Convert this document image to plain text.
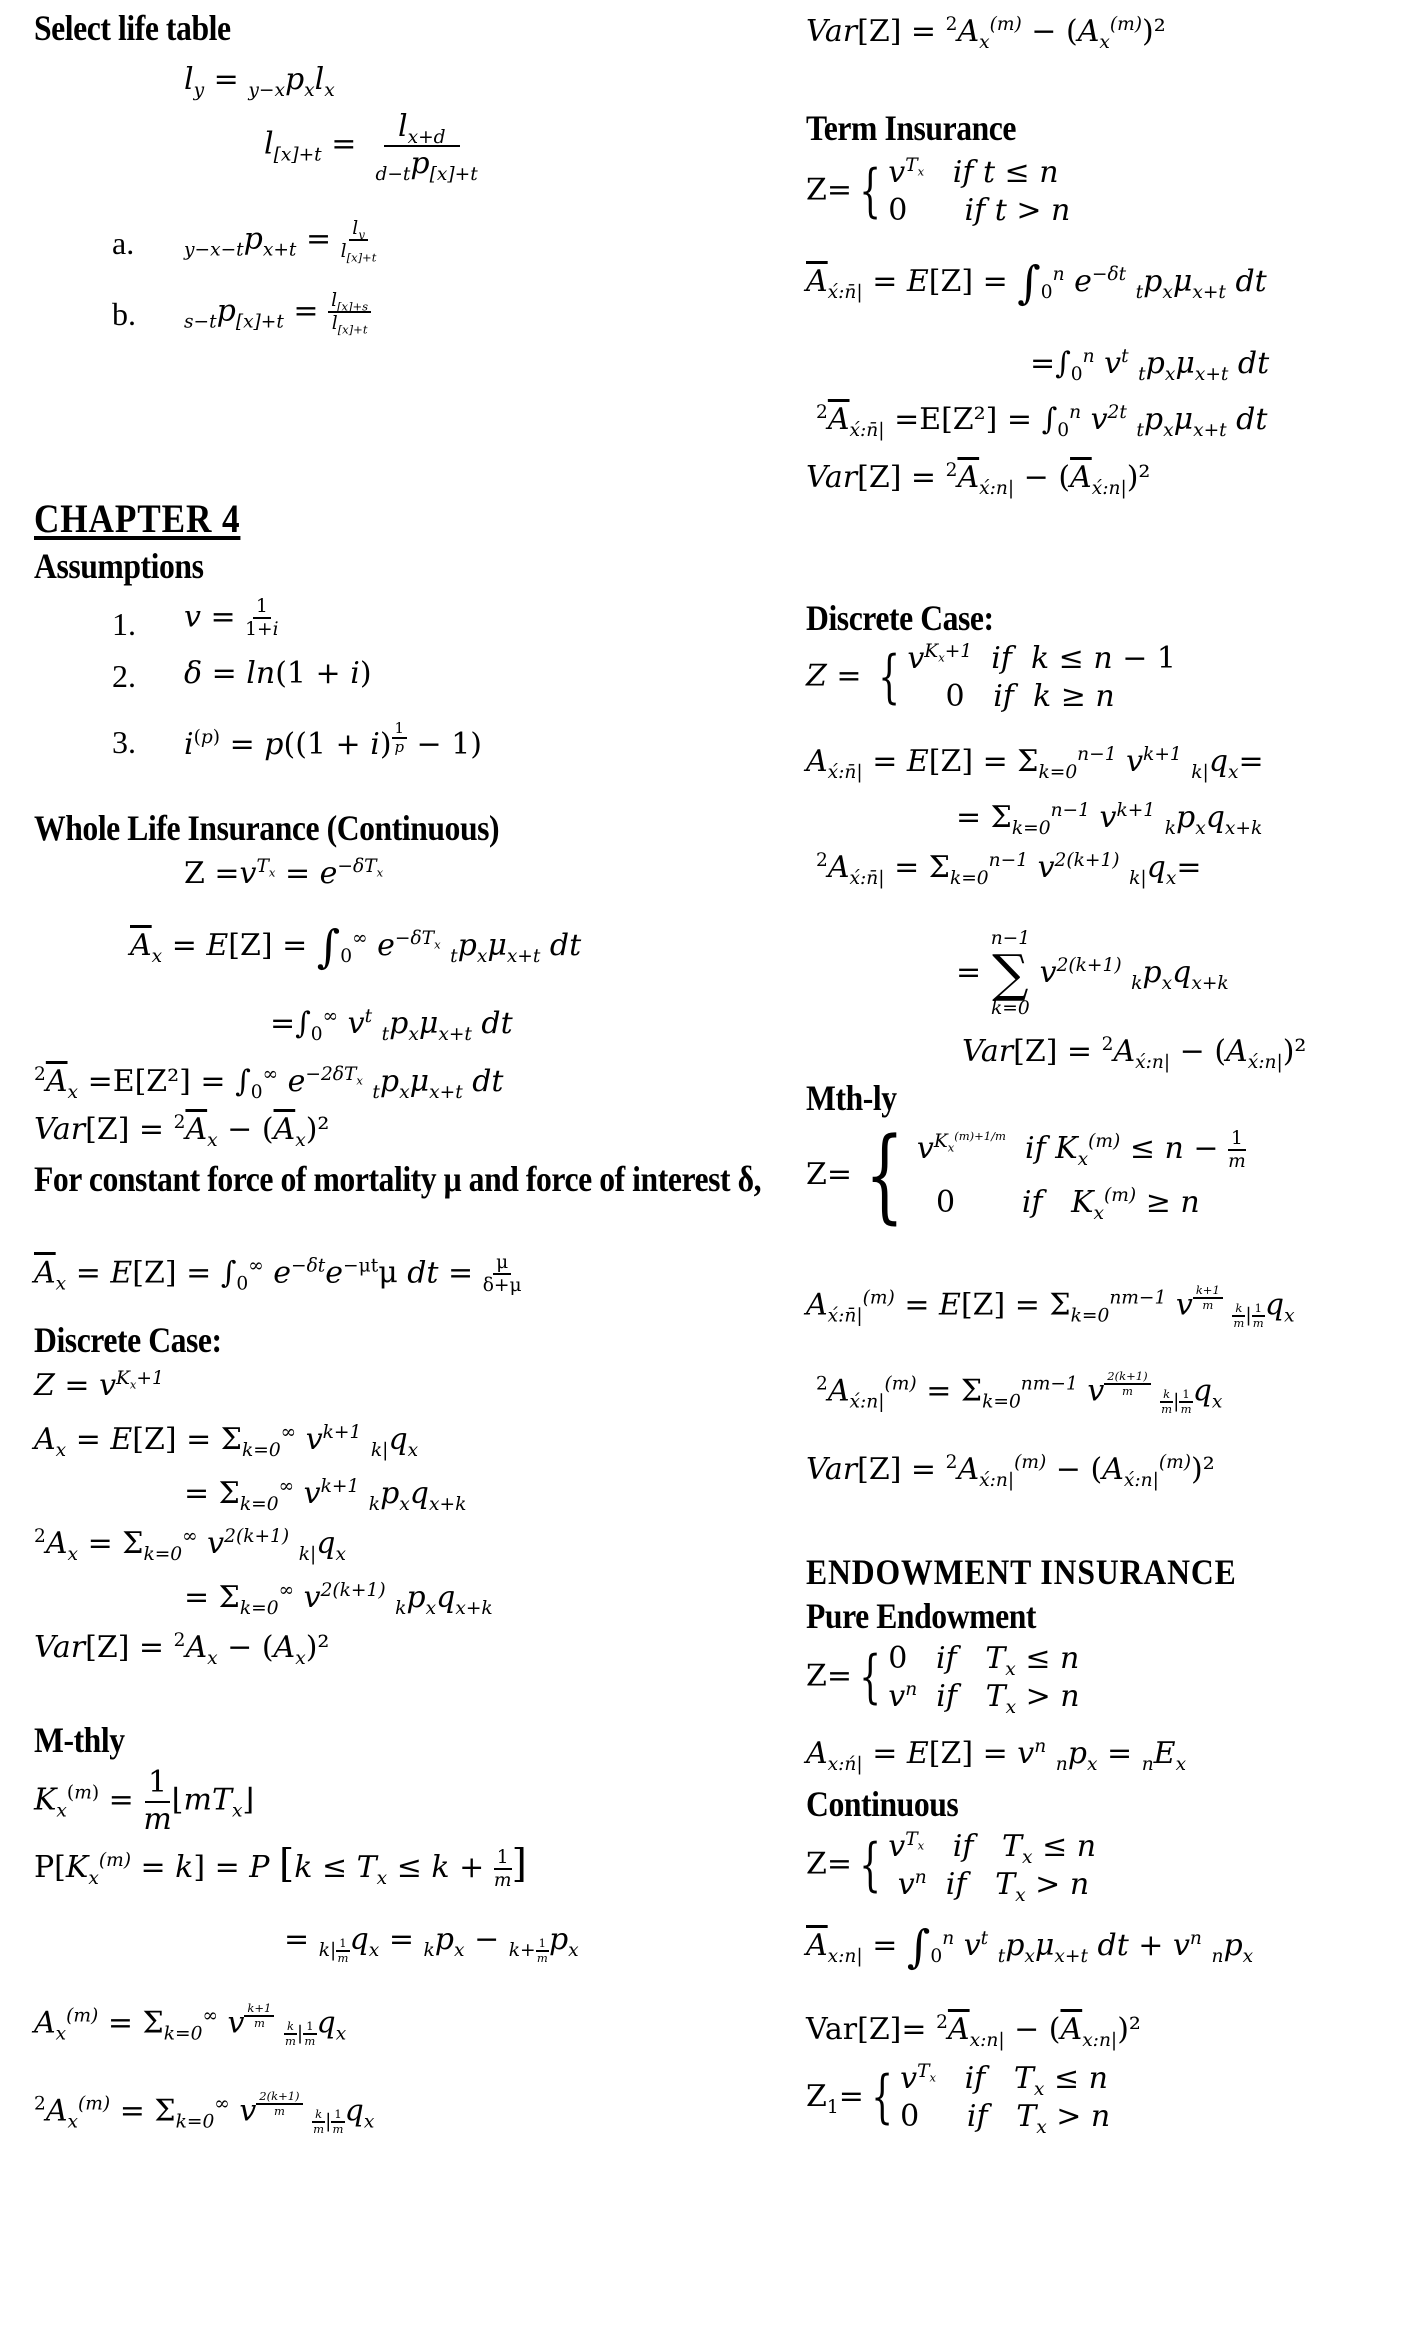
Select life table
$l_y = _{y-x}p_xl_x$
$l_{[x]+t} = \frac{l_{x+d}}{_{d-t}p_{[x]+t}}$
a.	$_{y-x-t}p_{x+t} = \frac{l_y}{l_{[x]+t}}$
b.	$_{s-t}p_{[x]+t} = \frac{l_{[x]+s}}{l_{[x]+t}}$
CHAPTER 4
Assumptions
1. $v = \frac{1}{1+i}$
2. δ = ln(1 + i)
3. $i^{(p)} = p((1 + i) ^{\frac{1}{p}} - 1)$
Whole Life Insurance (Continuous)
$Z =v^{T_x} = e^{-\delta T_x}$
$\overline{A}_x = E[Z] = \int_0^\infty$ $e^{-\delta T_x}$ $_tp_x\mu_{x+t}$ dt
$=\int_0^\infty$ $v^t$ $_tp_x\mu_{x+t}$ dt
$^2\overline{A}_x =E[Z^2] = \int_0^\infty$ $e^{-2\delta T_x}$ $_tp_x\mu_{x+t}$ dt
$Var[Z] = ^2\overline{A}_x - (\overline{A}_x)^2$
For constant force of mortality μ and force of interest δ,
$\overline{A}_x = E[Z] = \int_0^\infty$ $e^{-\delta t}e^{-\mu t}\mu$ dt = $\frac{\mu}{\delta+\mu}$
Discrete Case:
$Z = v^{K_x+1}$
$A_x = E[Z] = \Sigma_{k=0}^\infty$ $v^{k+1}$ $_{k|}q_x$
= $\Sigma_{k=0}^\infty$ $v^{k+1}$ $_kp_xq_{x+k}$
$^2A_x = \Sigma_{k=0}^\infty$ $v^{2(k+1)}$ $_{k|}q_x$
= $\Sigma_{k=0}^\infty$ $v^{2(k+1)}$ $_kp_xq_{x+k}$
$Var[Z] = ^2A_x - (A_x)^2$
M-thly
$K_x^{(m)} = \frac{1}{m}$ $⌊mT_x⌋$
$P[K_x^{(m)} = k] = P$ [$k \le T_x \le k + \frac{1}{m}$ ]
= $_{k| \frac{1}{m}}$ $q_x = _kp_x - _{k+ \frac{1}{m}}$ $p_x$
$A_x^{(m)} = \Sigma_{k=0}^\infty$ v $^{\frac{k+1}{m}}$

$_{\frac{k}{m} | \frac{1}{m}}$ $q_x$
$^2A_x^{(m)} = \Sigma_{k=0}^\infty$ v $^{\frac{2(k+1)}{m}}$

$_{\frac{k}{m} | \frac{1}{m}}$ $q_x$
$Var[Z] = ^2A_x^{(m)} - (A_x^{(m)})^2$
Term Insurance
Z= { $v^{T_x}$   if t ≤ n
0      if t > n
$\overline{A}_{x́:n̄|} = E[Z] = \int_0^n$ $e^{-\delta t}$ $_tp_x\mu_{x+t}$ dt
$=\int_0^n$ $v^t$ $_tp_x\mu_{x+t}$ dt
$^2\overline{A}_{x́:n̄|} =E[Z^2] = \int_0^n$ $v^{2t}$ $_tp_x\mu_{x+t}$ dt
$Var[Z] = ^2\overline{A}_{x́:n|} - (\overline{A}_{x́:n|})^2$
Discrete Case:
Z = { $v^{K_x+1}$  if  k ≤ n − 1
0   if  k ≥ n
$A_{x́:n̄|} = E[Z] = \Sigma_{k=0}^{n-1}$ $v^{k+1}$ $_{k|}q_x=$
= $\Sigma_{k=0}^{n-1}$ $v^{k+1}$ $_kp_xq_{x+k}$
$^2A_{x́:n̄|} = \Sigma_{k=0}^{n-1}$ $v^{2(k+1)}$ $_{k|}q_x=$
=
n−1
∑
k=0
$v^{2(k+1)}$ $_kp_xq_{x+k}$
$Var[Z] = ^2A_{x́:n|} - (A_{x́:n|})^2$
Mth-ly
Z= { $v^{K_x^{(m)+1/m}}$  if $K_x^{(m)} \le n - \frac{1}{m}$
0       if   $K_x^{(m)} \ge n$
$A_{x́:n̄|}^{(m)} = E[Z] = \Sigma_{k=0}^{nm-1}$ v $^{\frac{k+1}{m}}$

$_{\frac{k}{m} | \frac{1}{m}}$ $q_x$
$^2A_{x́:n|}^{(m)} = \Sigma_{k=0}^{nm-1}$ v $^{\frac{2(k+1)}{m}}$

$_{\frac{k}{m} | \frac{1}{m}}$ $q_x$
$Var[Z] = ^2A_{x́:n|}^{(m)} - (A_{x́:n|}^{(m)})^2$
ENDOWMENT INSURANCE
Pure Endowment
Z= { 0   if   $T_x \le n$
$v^n$  if   $T_x > n$
$A_{x:ń|} = E[Z] = v^n$ $_np_x = _nE_x$
Continuous
Z= { $v^{T_x}$   if   $T_x \le n$
$v^n$  if   $T_x > n$
$\overline{A}_{x:n|} = \int_0^n$ $v^t$ $_tp_x\mu_{x+t}$ dt + $v^n$ $_np_x$
$Var[Z]= ^2\overline{A}_{x:n|} - (\overline{A}_{x:n|})^2$
$Z_1=$ { $v^{T_x}$   if   $T_x \le n$
0     if   $T_x > n$
